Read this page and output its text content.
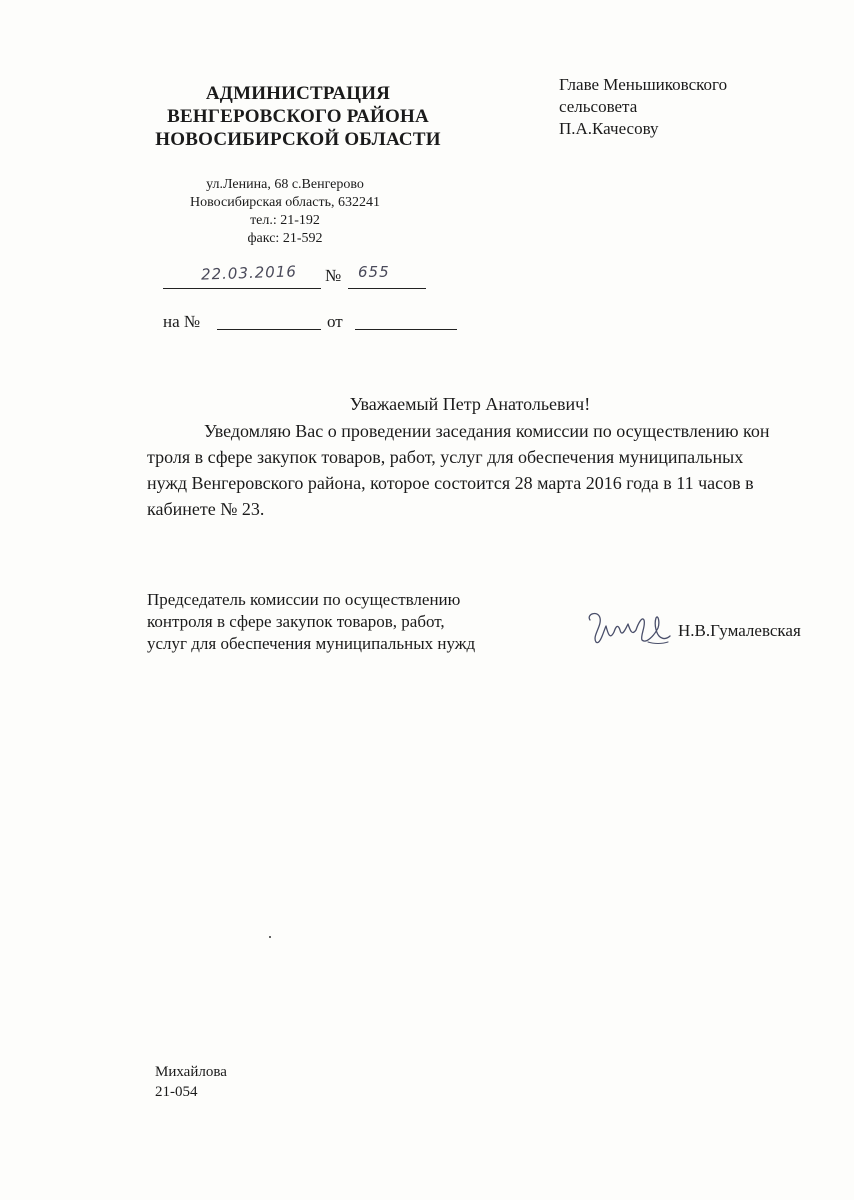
АДМИНИСТРАЦИЯ
ВЕНГЕРОВСКОГО РАЙОНА
НОВОСИБИРСКОЙ ОБЛАСТИ
ул.Ленина, 68 с.Венгерово
Новосибирская область, 632241
тел.: 21-192
факс: 21-592
Главе Меньшиковского
сельсовета
П.А.Качесову
22.03.2016 № 655
на №	от
Уважаемый Петр Анатольевич!
Уведомляю Вас о проведении заседания комиссии по осуществлению кон
троля в сфере закупок товаров, работ, услуг для обеспечения муниципальных
нужд Венгеровского района, которое состоится 28 марта 2016 года в 11 часов в
кабинете № 23.
Председатель комиссии по осуществлению
контроля в сфере закупок товаров, работ,
услуг для обеспечения муниципальных нужд
Н.В.Гумалевская
Михайлова
21-054
